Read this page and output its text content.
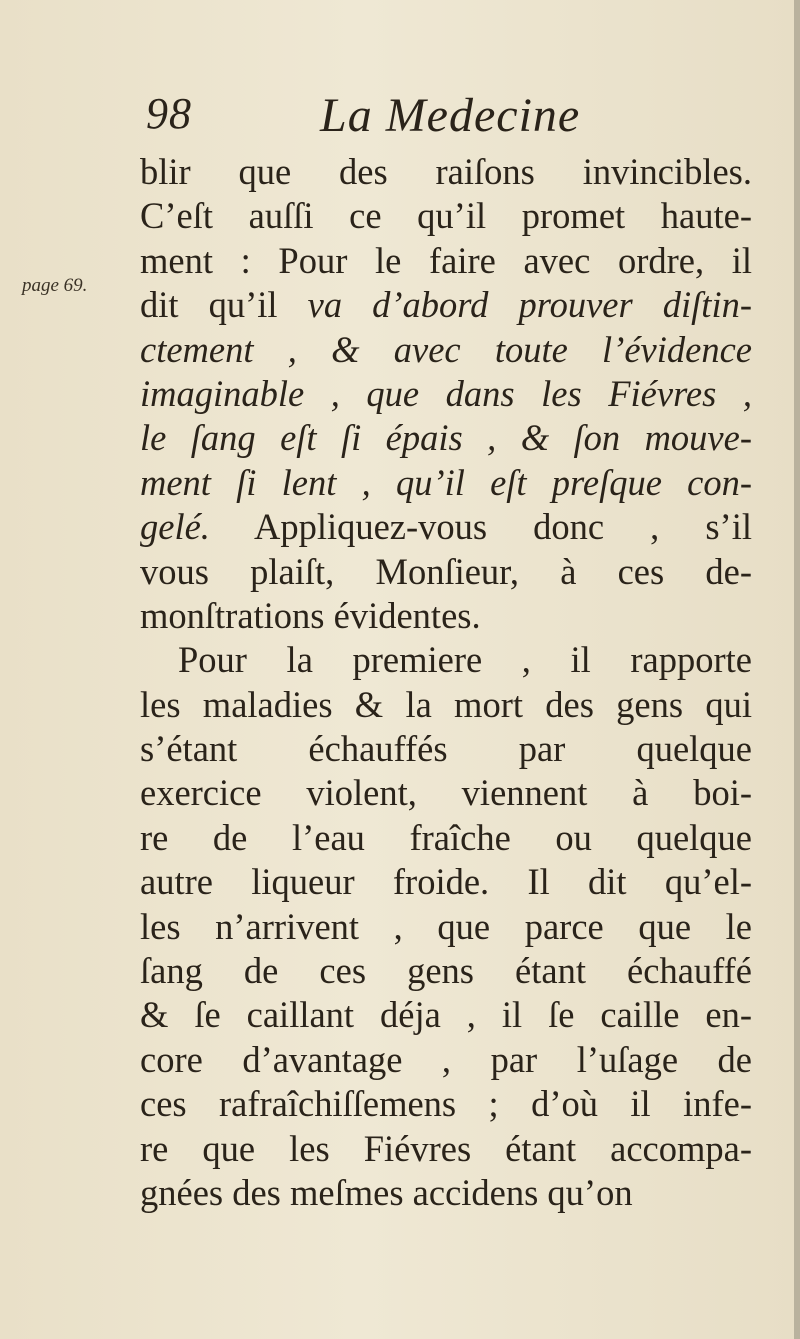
98	La Medecine
page 69.
blir que des raiſons invincibles.
C’eſt auſſi ce qu’il promet haute-
ment : Pour le faire avec ordre, il
dit qu’il va d’abord prouver diſtin-
ctement , & avec toute l’évidence
imaginable , que dans les Fiévres ,
le ſang eſt ſi épais , & ſon mouve-
ment ſi lent , qu’il eſt preſque con-
gelé. Appliquez-vous donc , s’il
vous plaiſt, Monſieur, à ces de-
monſtrations évidentes.
Pour la premiere , il rapporte
les maladies & la mort des gens qui
s’étant échauffés par quelque
exercice violent, viennent à boi-
re de l’eau fraîche ou quelque
autre liqueur froide. Il dit qu’el-
les n’arrivent , que parce que le
ſang de ces gens étant échauffé
& ſe caillant déja , il ſe caille en-
core d’avantage , par l’uſage de
ces rafraîchiſſemens ; d’où il infe-
re que les Fiévres étant accompa-
gnées des meſmes accidens qu’on
